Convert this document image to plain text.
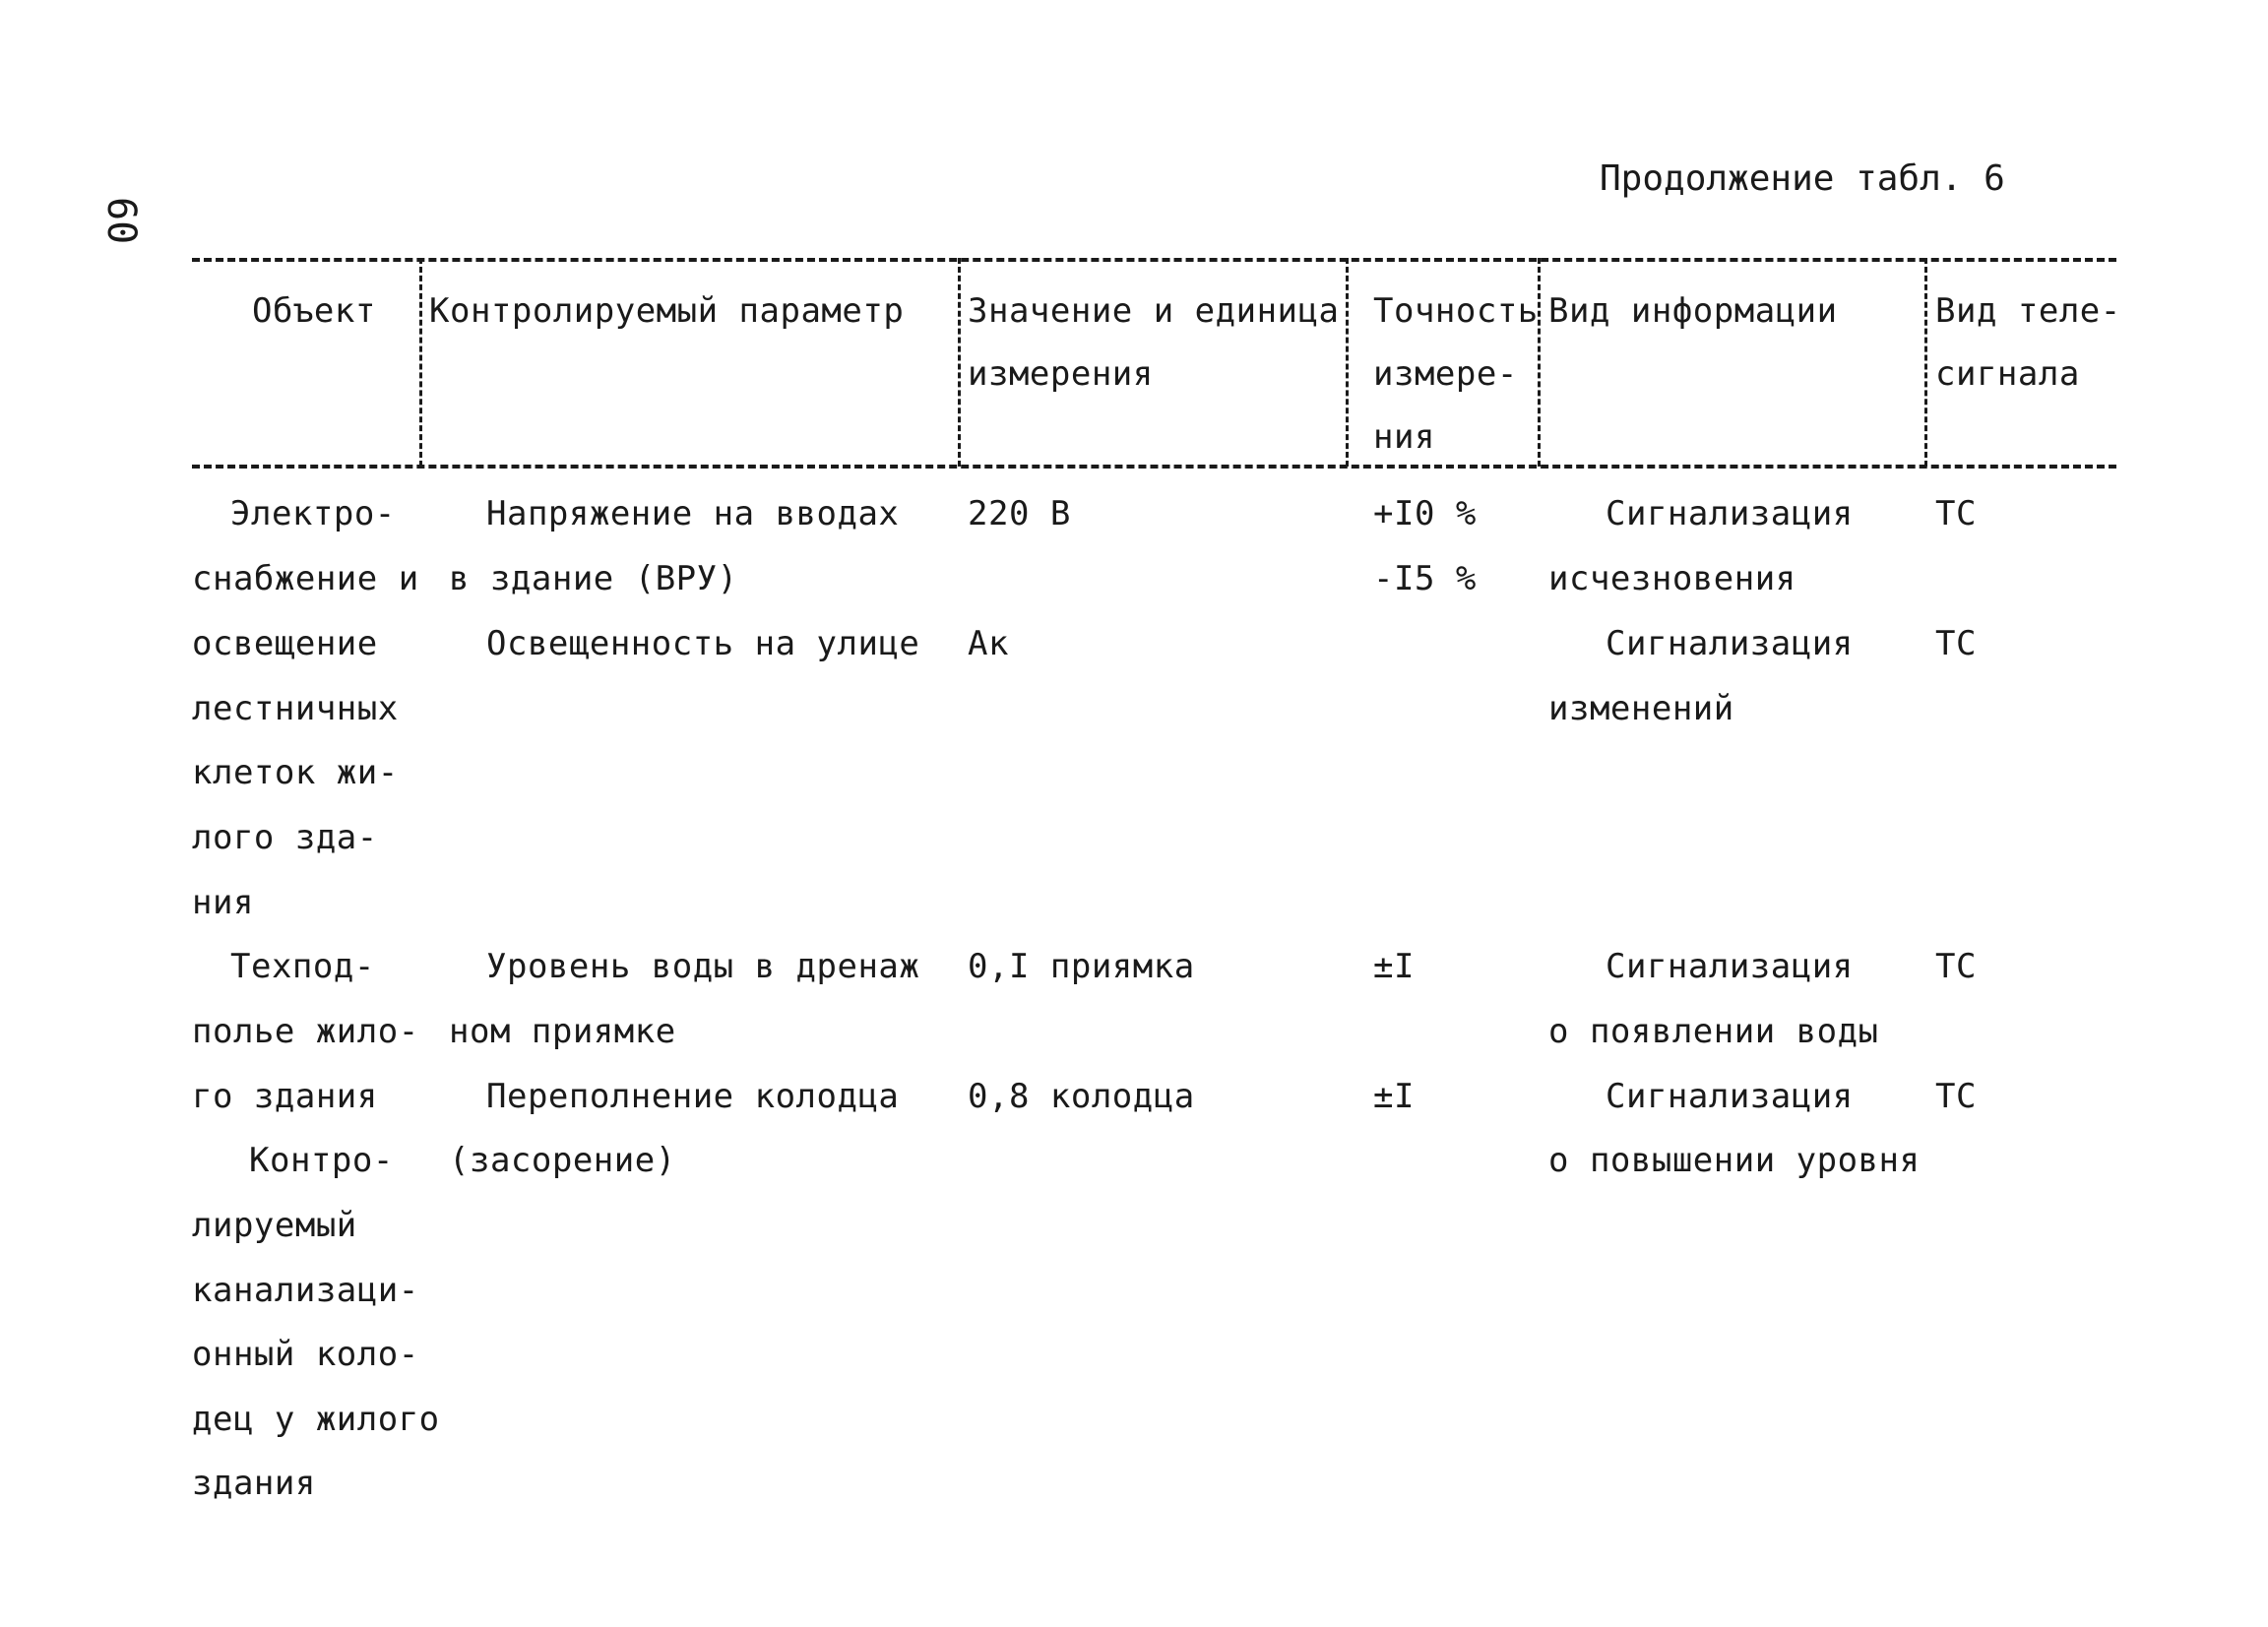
60
Продолжение табл. 6
Объект Контролируемый параметр Значение и единица
измерения
Точность
измере-
ния
Вид информации	Вид теле-
сигнала
Электро-
снабжение и
освещение
лестничных
клеток жи-
лого зда-
ния
Техпод-
полье жило-
го здания
Контро-
лируемый
канализаци-
онный коло-
дец у жилого
здания
Напряжение на вводах
в здание (ВРУ)
Освещенность на улице
Уровень воды в дренаж
ном приямке
Переполнение колодца
(засорение)
220 В
Ак
0,I приямка
0,8 колодца
+I0 %
-I5 %
±I
±I
Сигнализация
исчезновения
Сигнализация
изменений
Сигнализация
о появлении воды
Сигнализация
о повышении уровня
ТС
ТС
ТС
ТС
